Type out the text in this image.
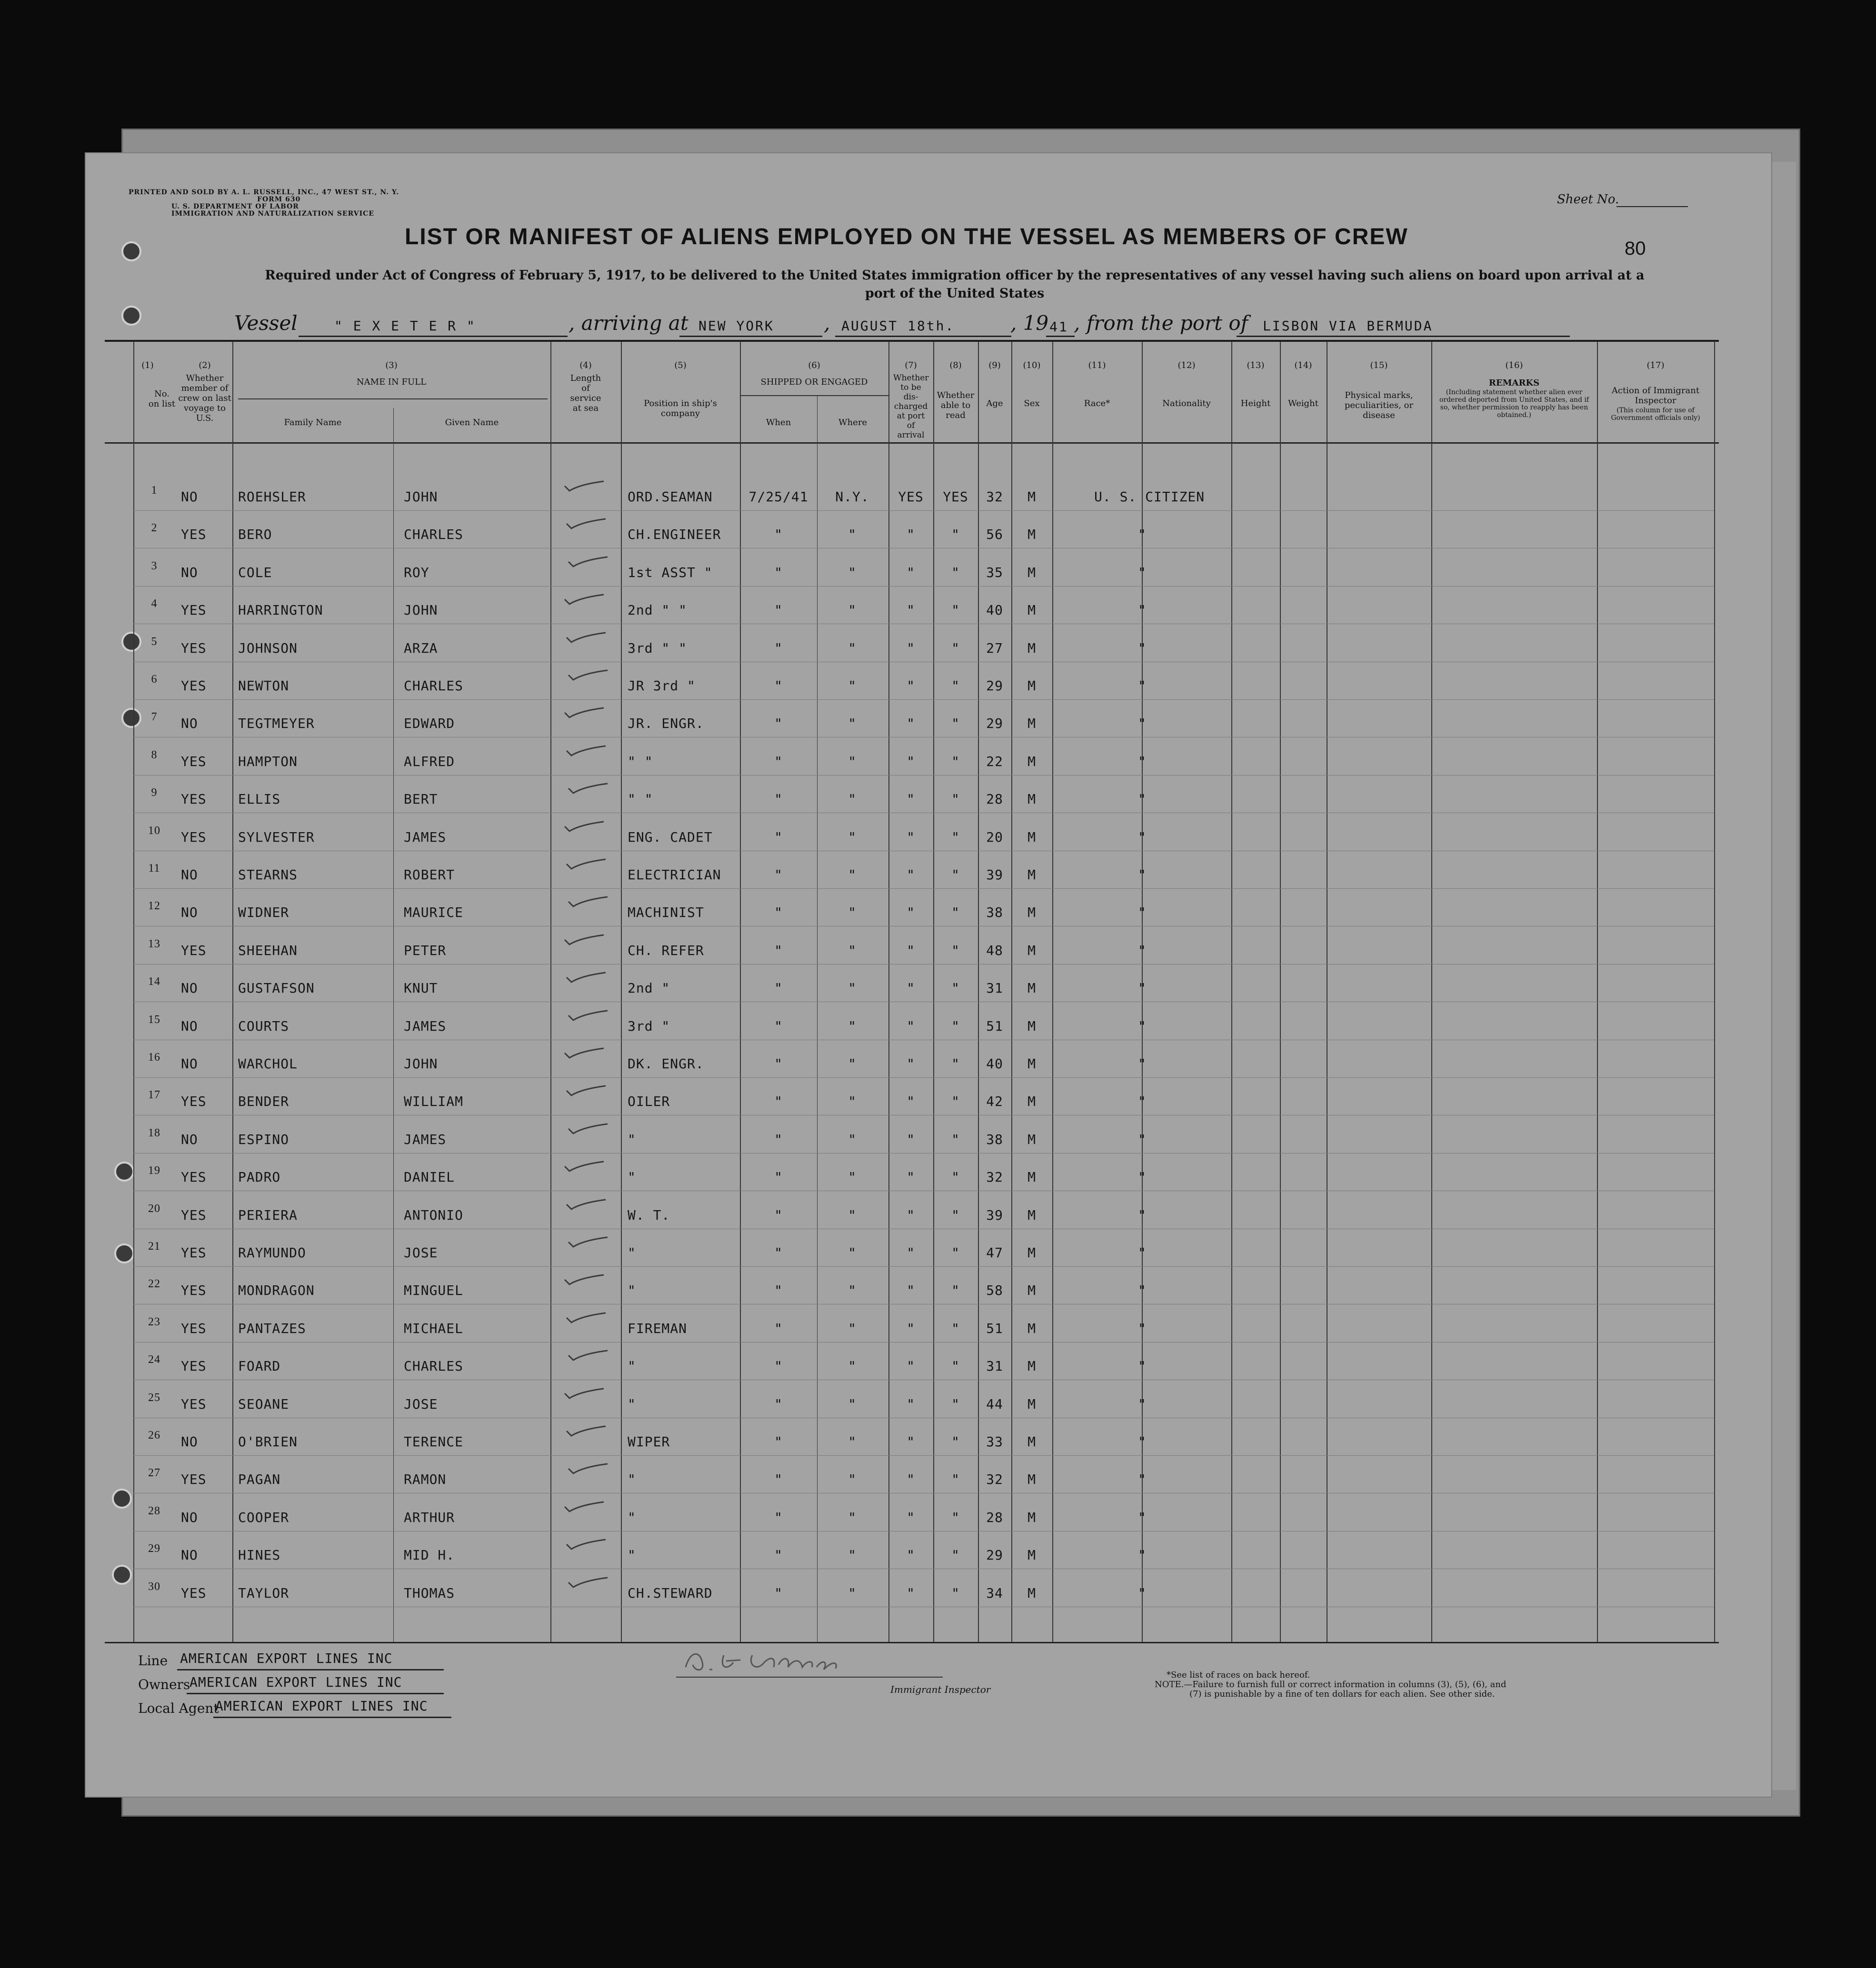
PRINTED AND SOLD BY A. L. RUSSELL, INC., 47 WEST ST., N. Y.
FORM 630
U. S. DEPARTMENT OF LABOR
IMMIGRATION AND NATURALIZATION SERVICE
Sheet No.
80
LIST OR MANIFEST OF ALIENS EMPLOYED ON THE VESSEL AS MEMBERS OF CREW
Required under Act of Congress of February 5, 1917, to be delivered to the United States immigration officer by the representatives of any vessel having such aliens on board upon arrival at a
port of the United States
Vessel	" E X E T E R "	, arriving at NEW YORK , AUGUST 18th.	, 19 41 , from the port of LISBON VIA BERMUDA
(1)
No. on list
(2)
Whether member of crew on last voyage to U.S.
(3)
NAME IN FULL
Family Name	Given Name
(4)
Length of service at sea
(5)
Position in ship's company
(6)
SHIPPED OR ENGAGED
When	Where
(7)
Whether to be dis-charged at port of arrival
(8)
Whether able to read
(9)
Age
(10)
Sex
(11)
Race*
(12)
Nationality
(13)
Height
(14)
Weight
(15)
Physical marks, peculiarities, or disease
(16)
REMARKS
(Including statement whether alien ever ordered deported from United States, and if so, whether permission to reapply has been obtained.)
(17)
Action of Immigrant Inspector
(This column for use of Government officials only)
1	NO	ROEHSLER	JOHN	ORD.SEAMAN	7/25/41	N.Y.	YES	YES	32	M	U. S. CITIZEN
2	YES	BERO	CHARLES	CH.ENGINEER	"	"	"	"	56	M	"
3	NO	COLE	ROY	1st ASST "	"	"	"	"	35	M	"
4	YES	HARRINGTON	JOHN	2nd " "	"	"	"	"	40	M	"
5	YES	JOHNSON	ARZA	3rd " "	"	"	"	"	27	M	"
6	YES	NEWTON	CHARLES	JR 3rd "	"	"	"	"	29	M	"
7	NO	TEGTMEYER	EDWARD	JR. ENGR.	"	"	"	"	29	M	"
8	YES	HAMPTON	ALFRED	" "	"	"	"	"	22	M	"
9	YES	ELLIS	BERT	" "	"	"	"	"	28	M	"
10	YES	SYLVESTER	JAMES	ENG. CADET	"	"	"	"	20	M	"
11	NO	STEARNS	ROBERT	ELECTRICIAN	"	"	"	"	39	M	"
12	NO	WIDNER	MAURICE	MACHINIST	"	"	"	"	38	M	"
13	YES	SHEEHAN	PETER	CH. REFER	"	"	"	"	48	M	"
14	NO	GUSTAFSON	KNUT	2nd "	"	"	"	"	31	M	"
15	NO	COURTS	JAMES	3rd "	"	"	"	"	51	M	"
16	NO	WARCHOL	JOHN	DK. ENGR.	"	"	"	"	40	M	"
17	YES	BENDER	WILLIAM	OILER	"	"	"	"	42	M	"
18	NO	ESPINO	JAMES	"	"	"	"	"	38	M	"
19	YES	PADRO	DANIEL	"	"	"	"	"	32	M	"
20	YES	PERIERA	ANTONIO	W. T.	"	"	"	"	39	M	"
21	YES	RAYMUNDO	JOSE	"	"	"	"	"	47	M	"
22	YES	MONDRAGON	MINGUEL	"	"	"	"	"	58	M	"
23	YES	PANTAZES	MICHAEL	FIREMAN	"	"	"	"	51	M	"
24	YES	FOARD	CHARLES	"	"	"	"	"	31	M	"
25	YES	SEOANE	JOSE	"	"	"	"	"	44	M	"
26	NO	O'BRIEN	TERENCE	WIPER	"	"	"	"	33	M	"
27	YES	PAGAN	RAMON	"	"	"	"	"	32	M	"
28	NO	COOPER	ARTHUR	"	"	"	"	"	28	M	"
29	NO	HINES	MID H.	"	"	"	"	"	29	M	"
30	YES	TAYLOR	THOMAS	CH.STEWARD	"	"	"	"	34	M	"
Line AMERICAN EXPORT LINES INC
Owners
AMERICAN EXPORT LINES INC
Local Agent
AMERICAN EXPORT LINES INC
Immigrant Inspector
*See list of races on back hereof.
NOTE.—Failure to furnish full or correct information in columns (3), (5), (6), and
(7) is punishable by a fine of ten dollars for each alien. See other side.
